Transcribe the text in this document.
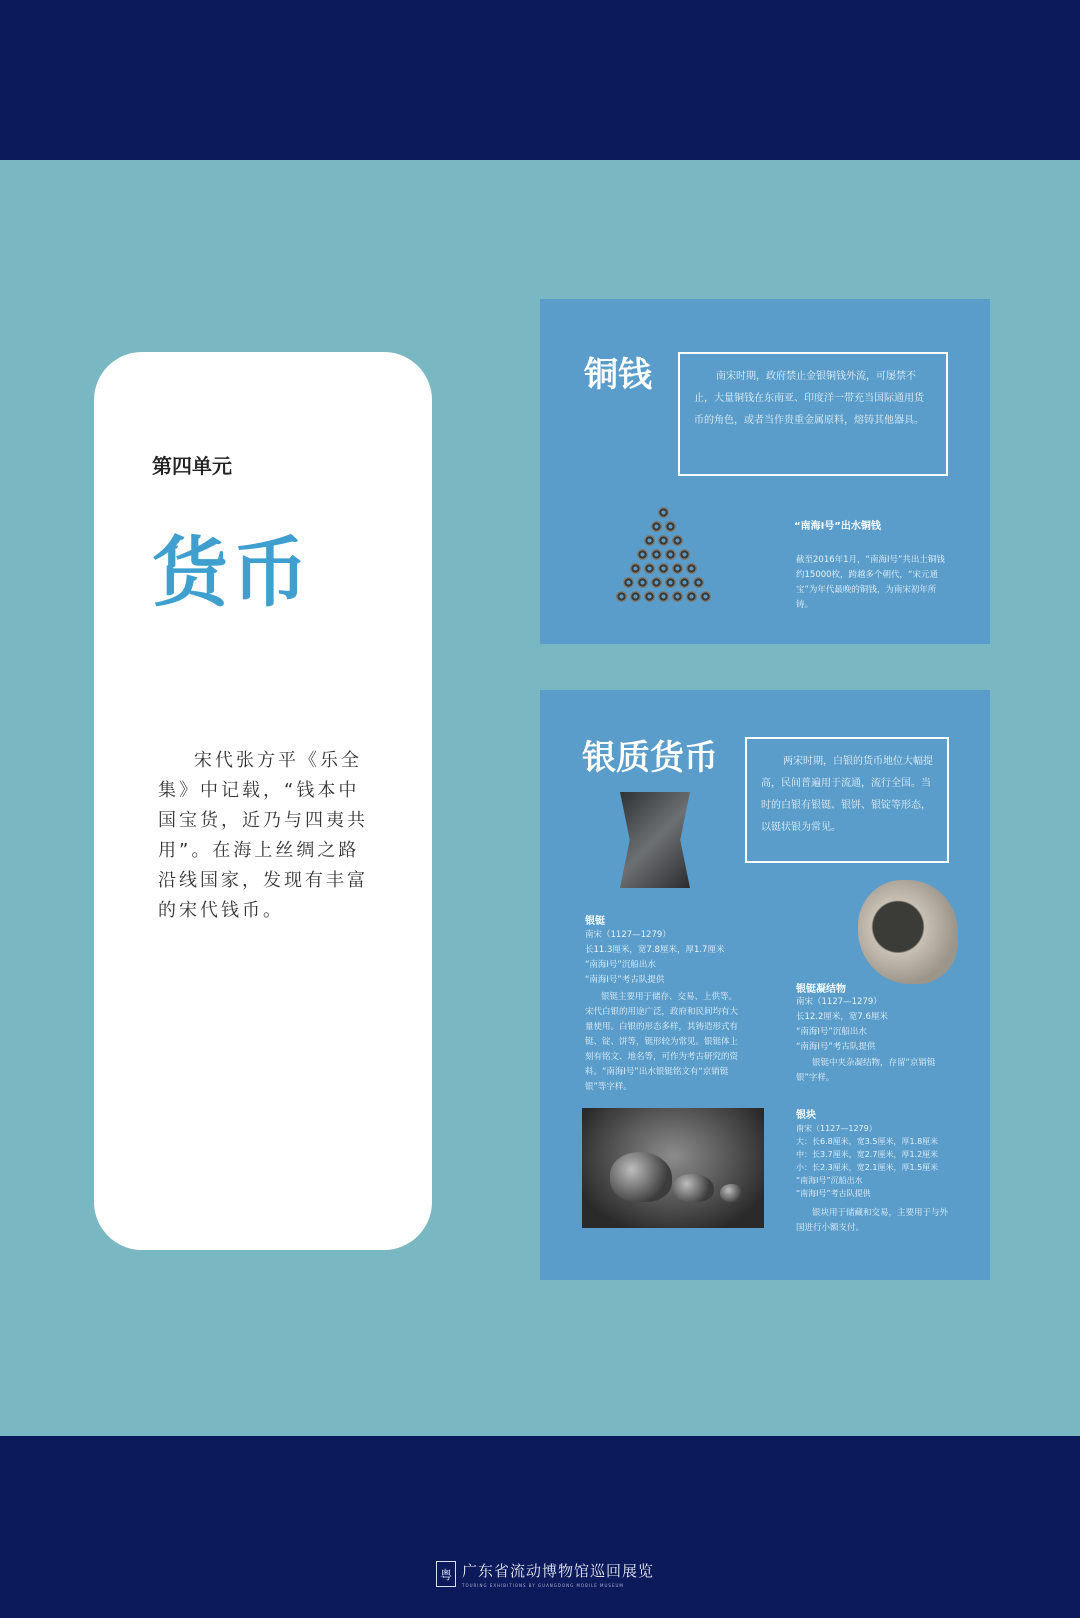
第四单元
货币
宋代张方平《乐全集》中记载，“钱本中国宝货，近乃与四夷共用”。在海上丝绸之路沿线国家，发现有丰富的宋代钱币。
铜钱	南宋时期，政府禁止金银铜钱外流，可屡禁不止，大量铜钱在东南亚、印度洋一带充当国际通用货币的角色，或者当作贵重金属原料，熔铸其他器具。
“南海Ⅰ号”出水铜钱
截至2016年1月，“南海Ⅰ号”共出土铜钱约15000枚，跨越多个朝代，“宋元通宝”为年代最晚的铜钱，为南宋初年所铸。
银质货币	两宋时期，白银的货币地位大幅提高，民间普遍用于流通，流行全国。当时的白银有银铤、银饼、银锭等形态，以铤状银为常见。
银铤
南宋（1127—1279）
长11.3厘米，宽7.8厘米，厚1.7厘米
“南海Ⅰ号”沉船出水
“南海Ⅰ号”考古队提供
银铤主要用于储存、交易、上供等。宋代白银的用途广泛，政府和民间均有大量使用。白银的形态多样，其铸造形式有铤、锭、饼等，铤形较为常见。银铤体上刻有铭文、地名等，可作为考古研究的资料。“南海Ⅰ号”出水银铤铭文有“京销铤银”等字样。
银铤凝结物
南宋（1127—1279）
长12.2厘米，宽7.6厘米
“南海Ⅰ号”沉船出水
“南海Ⅰ号”考古队提供
银铤中夹杂凝结物，存留“京销铤银”字样。
银块
南宋（1127—1279）
大：长6.8厘米，宽3.5厘米，厚1.8厘米
中：长3.7厘米，宽2.7厘米，厚1.2厘米
小：长2.3厘米，宽2.1厘米，厚1.5厘米
“南海Ⅰ号”沉船出水
“南海Ⅰ号”考古队提供
银块用于储藏和交易，主要用于与外国进行小额支付。
粤 广东省流动博物馆巡回展览
TOURING EXHIBITIONS BY GUANGDONG MOBILE MUSEUM
